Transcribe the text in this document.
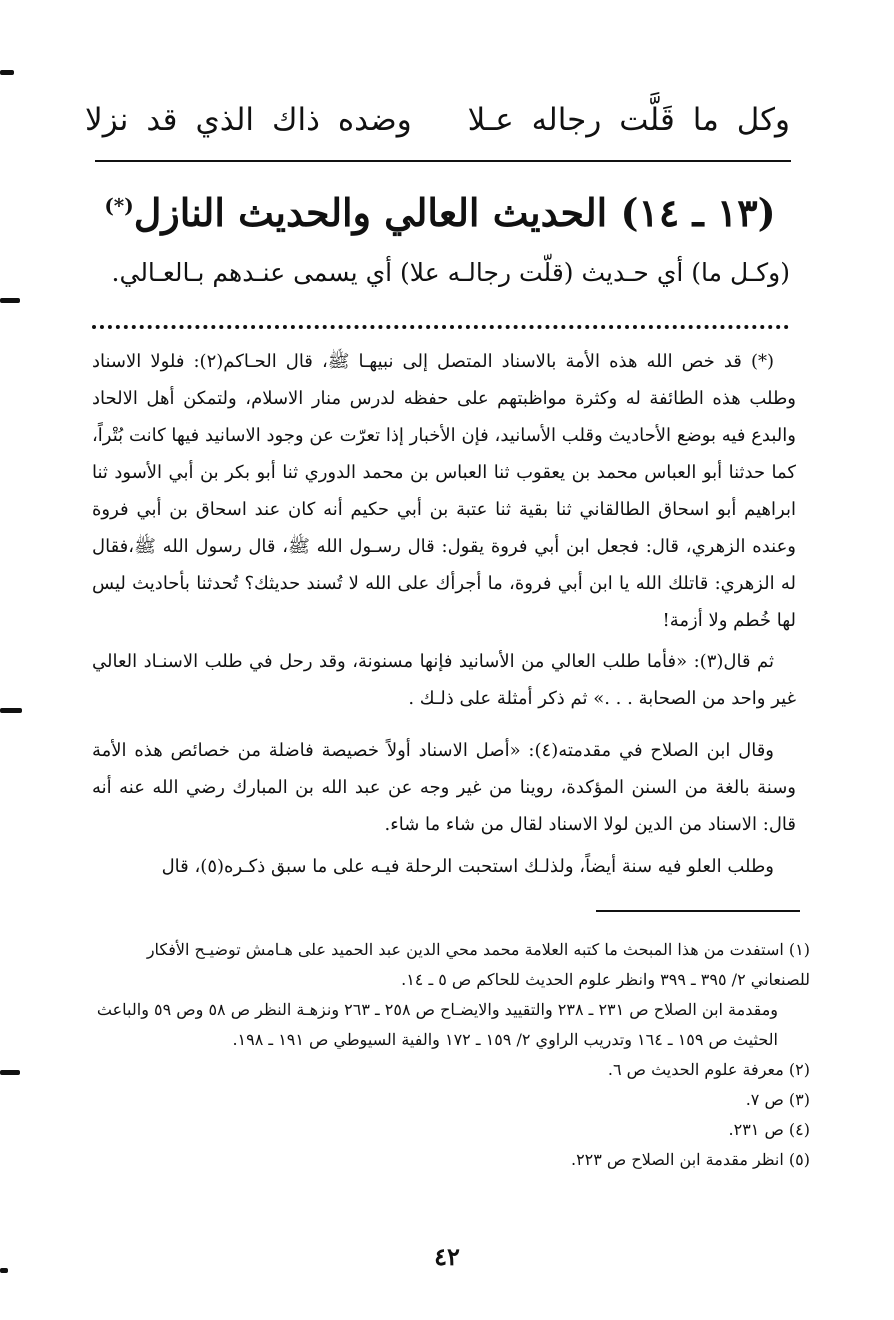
وكل
ما
قَلَّت
رجاله
عـلا
وضده
ذاك
الذي
قد
نزلا
(١٣ ـ ١٤) الحديث العالي والحديث النازل(*)
(وكـل ما) أي حـديث (قلّت رجالـه علا) أي يسمى عنـدهم بـالعـالي.

(*) قد خص الله هذه الأمة بالاسناد المتصل إلى نبيهـا ﷺ، قال الحـاكم(٢): فلولا الاسناد وطلب هذه الطائفة له وكثرة مواظبتهم على حفظه لدرس منار الاسلام، ولتمكن أهل الالحاد والبدع فيه بوضع الأحاديث وقلب الأسانيد، فإن الأخبار إذا تعرّت عن وجود الاسانيد فيها كانت بُتْراً، كما حدثنا أبو العباس محمد بن يعقوب ثنا العباس بن محمد الدوري ثنا أبو بكر بن أبي الأسود ثنا ابراهيم أبو اسحاق الطالقاني ثنا بقية ثنا عتبة بن أبي حكيم أنه كان عند اسحاق بن أبي فروة وعنده الزهري، قال: فجعل ابن أبي فروة يقول: قال رسـول الله ﷺ، قال رسول الله ﷺ،فقال له الزهري: قاتلك الله يا ابن أبي فروة، ما أجرأك على الله لا تُسند حديثك؟ تُحدثنا بأحاديث ليس لها خُطم ولا أزمة!

ثم قال(٣): «فأما طلب العالي من الأسانيد فإنها مسنونة، وقد رحل في طلب الاسنـاد العالي غير واحد من الصحابة . . .» ثم ذكر أمثلة على ذلـك .

وقال ابن الصلاح في مقدمته(٤): «أصل الاسناد أولاً خصيصة فاضلة من خصائص هذه الأمة وسنة بالغة من السنن المؤكدة، روينا من غير وجه عن عبد الله بن المبارك رضي الله عنه أنه قال: الاسناد من الدين لولا الاسناد لقال من شاء ما شاء.

وطلب العلو فيه سنة أيضاً، ولذلـك استحبت الرحلة فيـه على ما سبق ذكـره(٥)، قال

(١) استفدت من هذا المبحث ما كتبه العلامة محمد محي الدين عبد الحميد على هـامش توضيـح الأفكار للصنعاني ٢/ ٣٩٥ ـ ٣٩٩ وانظر علوم الحديث للحاكم ص ٥ ـ ١٤.
ومقدمة ابن الصلاح ص ٢٣١ ـ ٢٣٨ والتقييد والايضـاح ص ٢٥٨ ـ ٢٦٣ ونزهـة النظر ص ٥٨ وص ٥٩ والباعث الحثيث ص ١٥٩ ـ ١٦٤ وتدريب الراوي ٢/ ١٥٩ ـ ١٧٢ والفية السيوطي ص ١٩١ ـ ١٩٨.
(٢) معرفة علوم الحديث ص ٦.
(٣) ص ٧.
(٤) ص ٢٣١.
(٥) انظر مقدمة ابن الصلاح ص ٢٢٣.
٤٢
